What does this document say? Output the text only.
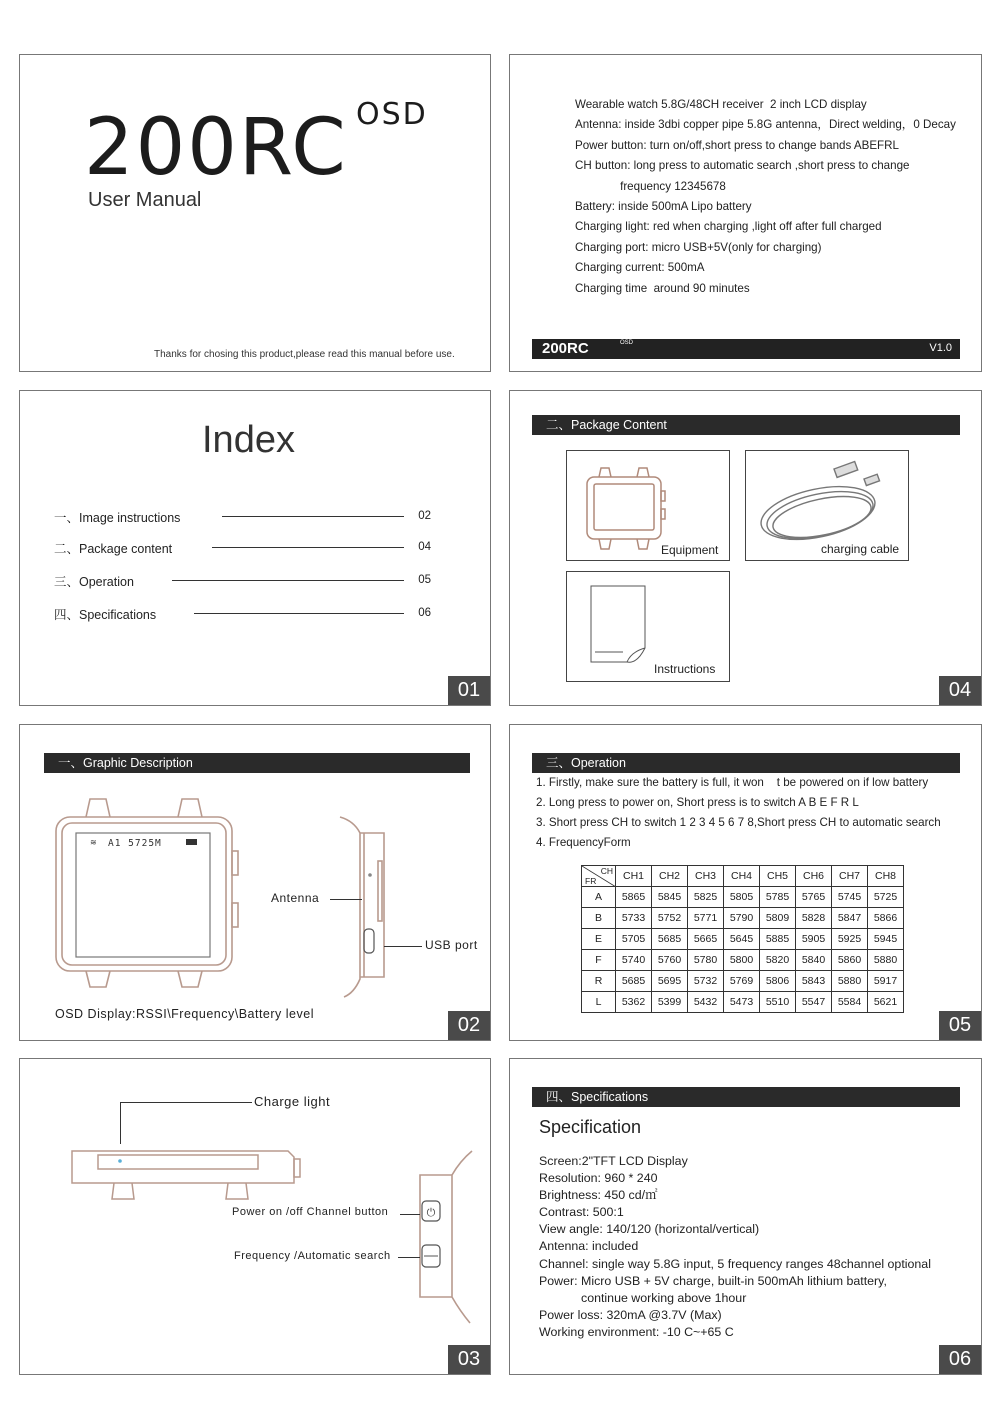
200RC OSD
User Manual
Thanks for chosing this product,please read this manual before use.
Wearable watch 5.8G/48CH receiver  2 inch LCD display
Antenna: inside 3dbi copper pipe 5.8G antenna，Direct welding，0 Decay
Power button: turn on/off,short press to change bands ABEFRL
CH button: long press to automatic search ,short press to change
frequency 12345678
Battery: inside 500mA Lipo battery
Charging light: red when charging ,light off after full charged
Charging port: micro USB+5V(only for charging)
Charging current: 500mA
Charging time  around 90 minutes
200RC	OSD	V1.0
Index
一、Image instructions	02
二、Package content	04
三、Operation	05
四、Specifications	06
01
二、Package Content
Equipment	charging cable
Instructions
04
一、Graphic Description
≋ A1 5725M
Antenna
USB port
OSD Display:RSSI\Frequency\Battery level	02
三、Operation
1. Firstly, make sure the battery is full, it won    t be powered on if low battery
2. Long press to power on, Short press is to switch A B E F R L
3. Short press CH to switch 1 2 3 4 5 6 7 8,Short press CH to automatic search
4. FrequencyForm
CH
FR	CH1	CH2	CH3	CH4	CH5	CH6	CH7	CH8
A	5865	5845	5825	5805	5785	5765	5745	5725
B	5733	5752	5771	5790	5809	5828	5847	5866
E	5705	5685	5665	5645	5885	5905	5925	5945
F	5740	5760	5780	5800	5820	5840	5860	5880
R	5685	5695	5732	5769	5806	5843	5880	5917
L	5362	5399	5432	5473	5510	5547	5584	5621
05
Charge light
⏻
Power on /off Channel button
Frequency /Automatic search
03
四、Specifications
Specification
Screen:2"TFT LCD Display
Resolution: 960 * 240
Brightness: 450 cd/㎡
Contrast: 500:1
View angle: 140/120 (horizontal/vertical)
Antenna: included
Channel: single way 5.8G input, 5 frequency ranges 48channel optional
Power: Micro USB + 5V charge, built-in 500mAh lithium battery,
continue working above 1hour
Power loss: 320mA @3.7V (Max)
Working environment: -10 C~+65 C
06
